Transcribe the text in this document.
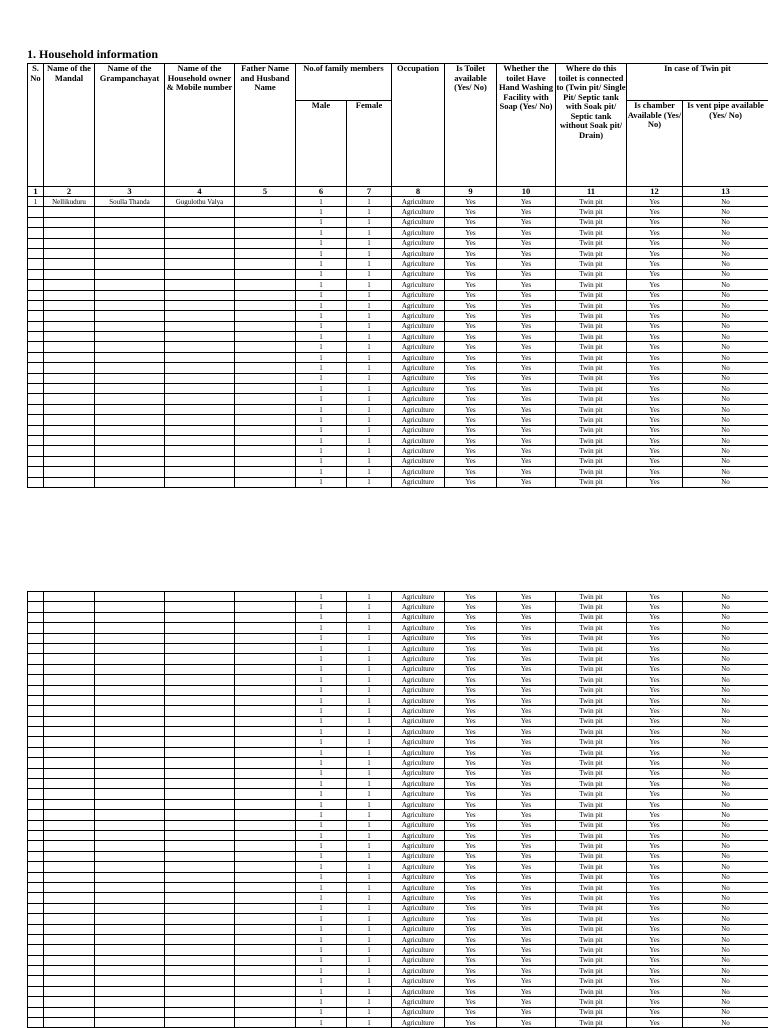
1. Household information
S. No	Name of the Mandal	Name of the Grampanchayat	Name of the Household owner & Mobile number	Father Name and Husband Name	No.of family members		Occupation	Is Toilet available (Yes/ No)	Whether the toilet Have Hand Washing Facility with Soap (Yes/ No)	Where do this toilet is connected to (Twin pit/ Single Pit/ Septic tank with Soak pit/ Septic tank without Soak pit/ Drain)	In case of Twin pit	
					Male	Female					Is chamber Available (Yes/ No)	Is vent pipe available (Yes/ No)
1	2	3	4	5	6	7	8	9	10	11	12	13
1	Nellikuduru	Soulla Thanda	Gugulothu Valya		1	1	Agriculture	Yes	Yes	Twin pit	Yes	No
					1	1	Agriculture	Yes	Yes	Twin pit	Yes	No
					1	1	Agriculture	Yes	Yes	Twin pit	Yes	No
					1	1	Agriculture	Yes	Yes	Twin pit	Yes	No
					1	1	Agriculture	Yes	Yes	Twin pit	Yes	No
					1	1	Agriculture	Yes	Yes	Twin pit	Yes	No
					1	1	Agriculture	Yes	Yes	Twin pit	Yes	No
					1	1	Agriculture	Yes	Yes	Twin pit	Yes	No
					1	1	Agriculture	Yes	Yes	Twin pit	Yes	No
					1	1	Agriculture	Yes	Yes	Twin pit	Yes	No
					1	1	Agriculture	Yes	Yes	Twin pit	Yes	No
					1	1	Agriculture	Yes	Yes	Twin pit	Yes	No
					1	1	Agriculture	Yes	Yes	Twin pit	Yes	No
					1	1	Agriculture	Yes	Yes	Twin pit	Yes	No
					1	1	Agriculture	Yes	Yes	Twin pit	Yes	No
					1	1	Agriculture	Yes	Yes	Twin pit	Yes	No
					1	1	Agriculture	Yes	Yes	Twin pit	Yes	No
					1	1	Agriculture	Yes	Yes	Twin pit	Yes	No
					1	1	Agriculture	Yes	Yes	Twin pit	Yes	No
					1	1	Agriculture	Yes	Yes	Twin pit	Yes	No
					1	1	Agriculture	Yes	Yes	Twin pit	Yes	No
					1	1	Agriculture	Yes	Yes	Twin pit	Yes	No
					1	1	Agriculture	Yes	Yes	Twin pit	Yes	No
					1	1	Agriculture	Yes	Yes	Twin pit	Yes	No
					1	1	Agriculture	Yes	Yes	Twin pit	Yes	No
					1	1	Agriculture	Yes	Yes	Twin pit	Yes	No
					1	1	Agriculture	Yes	Yes	Twin pit	Yes	No
					1	1	Agriculture	Yes	Yes	Twin pit	Yes	No
					1	1	Agriculture	Yes	Yes	Twin pit	Yes	No
					1	1	Agriculture	Yes	Yes	Twin pit	Yes	No
					1	1	Agriculture	Yes	Yes	Twin pit	Yes	No
					1	1	Agriculture	Yes	Yes	Twin pit	Yes	No
					1	1	Agriculture	Yes	Yes	Twin pit	Yes	No
					1	1	Agriculture	Yes	Yes	Twin pit	Yes	No
					1	1	Agriculture	Yes	Yes	Twin pit	Yes	No
					1	1	Agriculture	Yes	Yes	Twin pit	Yes	No
					1	1	Agriculture	Yes	Yes	Twin pit	Yes	No
					1	1	Agriculture	Yes	Yes	Twin pit	Yes	No
					1	1	Agriculture	Yes	Yes	Twin pit	Yes	No
					1	1	Agriculture	Yes	Yes	Twin pit	Yes	No
					1	1	Agriculture	Yes	Yes	Twin pit	Yes	No
					1	1	Agriculture	Yes	Yes	Twin pit	Yes	No
					1	1	Agriculture	Yes	Yes	Twin pit	Yes	No
					1	1	Agriculture	Yes	Yes	Twin pit	Yes	No
					1	1	Agriculture	Yes	Yes	Twin pit	Yes	No
					1	1	Agriculture	Yes	Yes	Twin pit	Yes	No
					1	1	Agriculture	Yes	Yes	Twin pit	Yes	No
					1	1	Agriculture	Yes	Yes	Twin pit	Yes	No
					1	1	Agriculture	Yes	Yes	Twin pit	Yes	No
					1	1	Agriculture	Yes	Yes	Twin pit	Yes	No
					1	1	Agriculture	Yes	Yes	Twin pit	Yes	No
					1	1	Agriculture	Yes	Yes	Twin pit	Yes	No
					1	1	Agriculture	Yes	Yes	Twin pit	Yes	No
					1	1	Agriculture	Yes	Yes	Twin pit	Yes	No
					1	1	Agriculture	Yes	Yes	Twin pit	Yes	No
					1	1	Agriculture	Yes	Yes	Twin pit	Yes	No
					1	1	Agriculture	Yes	Yes	Twin pit	Yes	No
					1	1	Agriculture	Yes	Yes	Twin pit	Yes	No
					1	1	Agriculture	Yes	Yes	Twin pit	Yes	No
					1	1	Agriculture	Yes	Yes	Twin pit	Yes	No
					1	1	Agriculture	Yes	Yes	Twin pit	Yes	No
					1	1	Agriculture	Yes	Yes	Twin pit	Yes	No
					1	1	Agriculture	Yes	Yes	Twin pit	Yes	No
					1	1	Agriculture	Yes	Yes	Twin pit	Yes	No
					1	1	Agriculture	Yes	Yes	Twin pit	Yes	No
					1	1	Agriculture	Yes	Yes	Twin pit	Yes	No
					1	1	Agriculture	Yes	Yes	Twin pit	Yes	No
					1	1	Agriculture	Yes	Yes	Twin pit	Yes	No
					1	1	Agriculture	Yes	Yes	Twin pit	Yes	No
					1	1	Agriculture	Yes	Yes	Twin pit	Yes	No
